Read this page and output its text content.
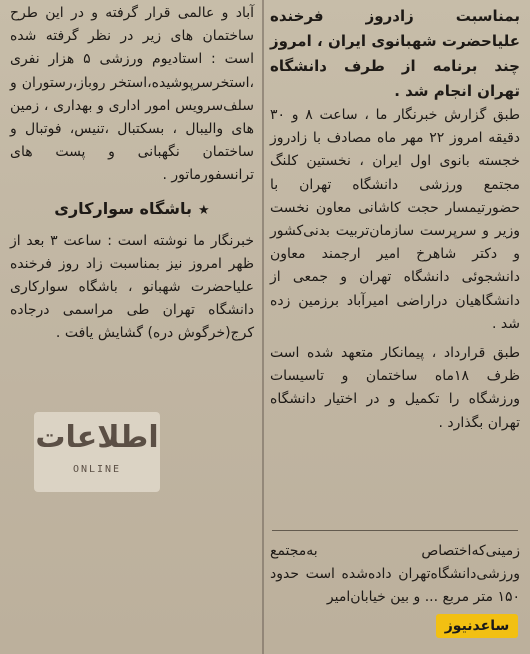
بمناسبت زادروز فرخنده علیاحضرت شهبانوی ایران ، امروز چند برنامه از طرف دانشگاه تهران انجام شد .

طبق گزارش خبرنگار ما ، ساعت ۸ و ۳۰ دقیقه امروز ۲۲ مهر ماه مصادف با زادروز خجسته بانوی اول ایران ، نخستین کلنگ مجتمع ورزشی دانشگاه تهران با حضورتیمسار حجت کاشانی معاون نخست وزیر و سرپرست سازمان‌تربیت بدنی‌کشور و دکتر شاهرخ امیر ارجمند معاون دانشجوئی دانشگاه تهران و جمعی از دانشگاهیان دراراضی امیرآباد برزمین زده شد .

طبق قرارداد ، پیمانکار متعهد شده است ظرف ۱۸ماه ساختمان و تاسیسات ورزشگاه را تکمیل و در اختیار دانشگاه تهران بگذارد .

زمینی‌که‌اختصاص به‌مجتمع ورزشی‌دانشگاه‌تهران دادەشده است حدود ۱۵۰ متر مربع ... و بین خیابان‌امیر

آباد و عالمی قرار گرفته و در این طرح ساختمان های زیر در نظر گرفته شده است : استادیوم ورزشی ۵ هزار نفری ،استخرسرپوشیده،استخر روباز،رستوران و سلف‌سرویس امور اداری و بهداری ، زمین های والیبال ، بسکتبال ،تنیس، فوتبال و ساختمان نگهبانی و پست های ترانسفورماتور .

★باشگاه سوارکاری

خبرنگار ما نوشته است : ساعت ۳ بعد از ظهر امروز نیز بمناسبت زاد روز فرخنده علیاحضرت شهبانو ، باشگاه سوارکاری دانشگاه تهران طی مراسمی درجاده کرج(خرگوش دره) گشایش یافت .

اطلاعات
ONLINE
ساعدنیوز
